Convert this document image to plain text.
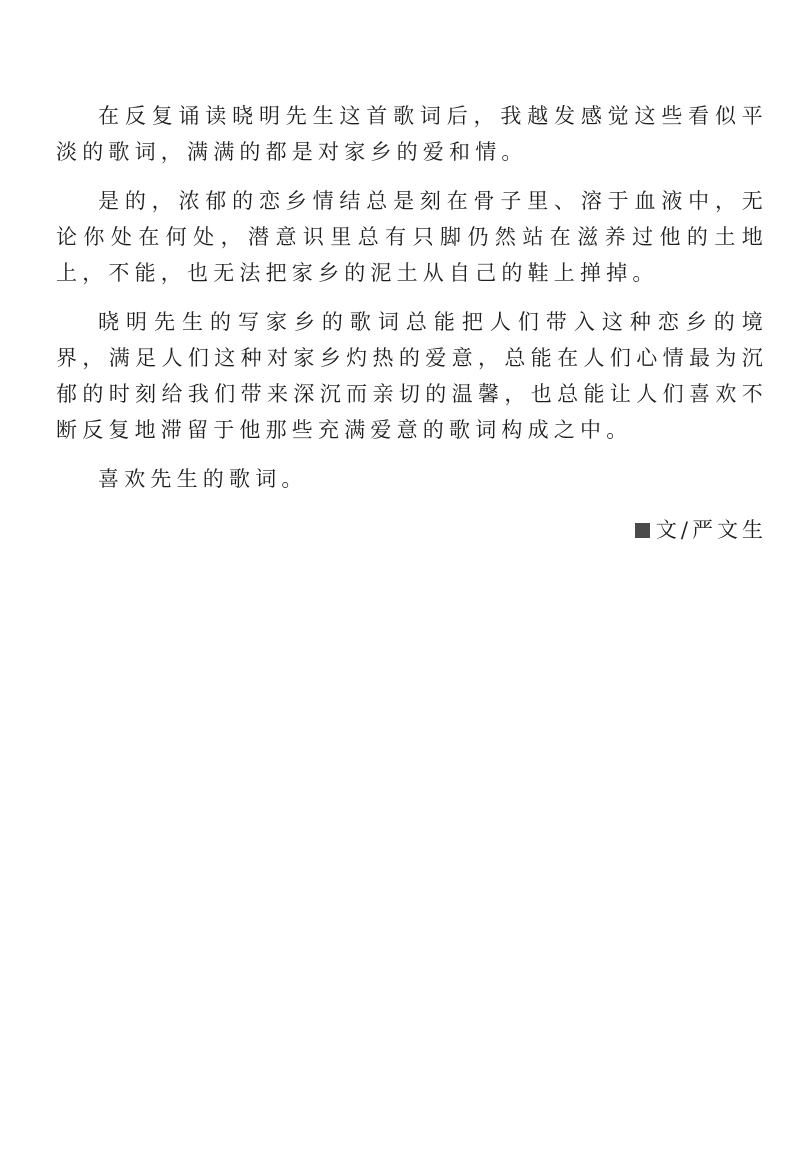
在反复诵读晓明先生这首歌词后，我越发感觉这些看似平淡的歌词，满满的都是对家乡的爱和情。

是的，浓郁的恋乡情结总是刻在骨子里、溶于血液中，无论你处在何处，潜意识里总有只脚仍然站在滋养过他的土地上，不能，也无法把家乡的泥土从自己的鞋上掸掉。

晓明先生的写家乡的歌词总能把人们带入这种恋乡的境界，满足人们这种对家乡灼热的爱意，总能在人们心情最为沉郁的时刻给我们带来深沉而亲切的温馨，也总能让人们喜欢不断反复地滞留于他那些充满爱意的歌词构成之中。

喜欢先生的歌词。

文/严文生
